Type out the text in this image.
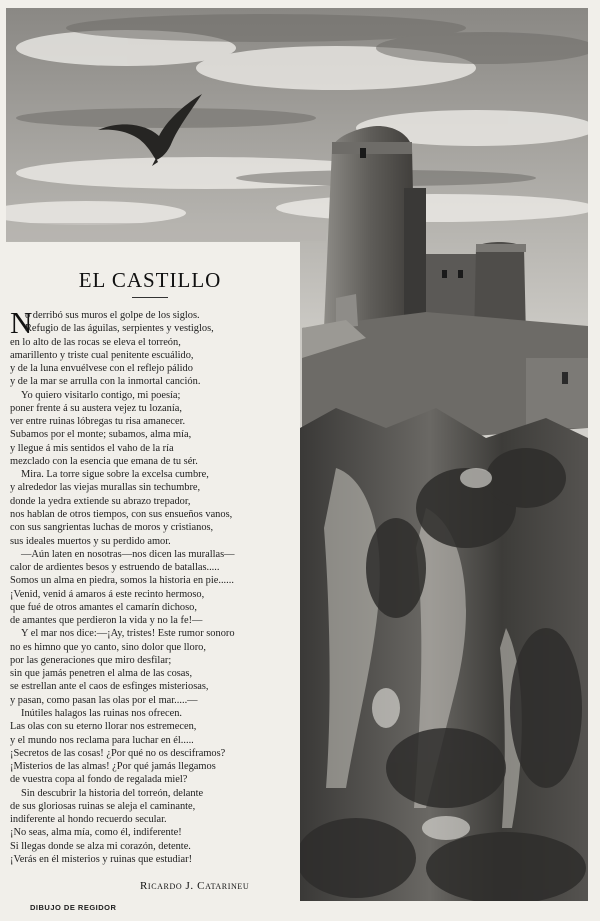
EL CASTILLO
N
o derribó sus muros el golpe de los siglos.
Refugio de las águilas, serpientes y vestiglos,
en lo alto de las rocas se eleva el torreón,
amarillento y triste cual penitente escuálido,
y de la luna envuélvese con el reflejo pálido
y de la mar se arrulla con la inmortal canción.
Yo quiero visitarlo contigo, mi poesía;
poner frente á su austera vejez tu lozanía,
ver entre ruinas lóbregas tu risa amanecer.
Subamos por el monte; subamos, alma mía,
y llegue á mis sentidos el vaho de la ría
mezclado con la esencia que emana de tu sér.
Mira. La torre sigue sobre la excelsa cumbre,
y alrededor las viejas murallas sin techumbre,
donde la yedra extiende su abrazo trepador,
nos hablan de otros tiempos, con sus ensueños vanos,
con sus sangrientas luchas de moros y cristianos,
sus ideales muertos y su perdido amor.
—Aún laten en nosotras—nos dicen las murallas—
calor de ardientes besos y estruendo de batallas.....
Somos un alma en piedra, somos la historia en pie......
¡Venid, venid á amaros á este recinto hermoso,
que fué de otros amantes el camarín dichoso,
de amantes que perdieron la vida y no la fe!—
Y el mar nos dice:—¡Ay, tristes! Este rumor sonoro
no es himno que yo canto, sino dolor que lloro,
por las generaciones que miro desfilar;
sin que jamás penetren el alma de las cosas,
se estrellan ante el caos de esfinges misteriosas,
y pasan, como pasan las olas por el mar.....—
Inútiles halagos las ruinas nos ofrecen.
Las olas con su eterno llorar nos estremecen,
y el mundo nos reclama para luchar en él.....
¡Secretos de las cosas! ¿Por qué no os desciframos?
¡Misterios de las almas! ¿Por qué jamás llegamos
de vuestra copa al fondo de regalada miel?
Sin descubrir la historia del torreón, delante
de sus gloriosas ruinas se aleja el caminante,
indiferente al hondo recuerdo secular.
¡No seas, alma mía, como él, indiferente!
Si llegas donde se alza mi corazón, detente.
¡Verás en él misterios y ruinas que estudiar!
Ricardo J. Catarineu
DIBUJO DE REGIDOR
